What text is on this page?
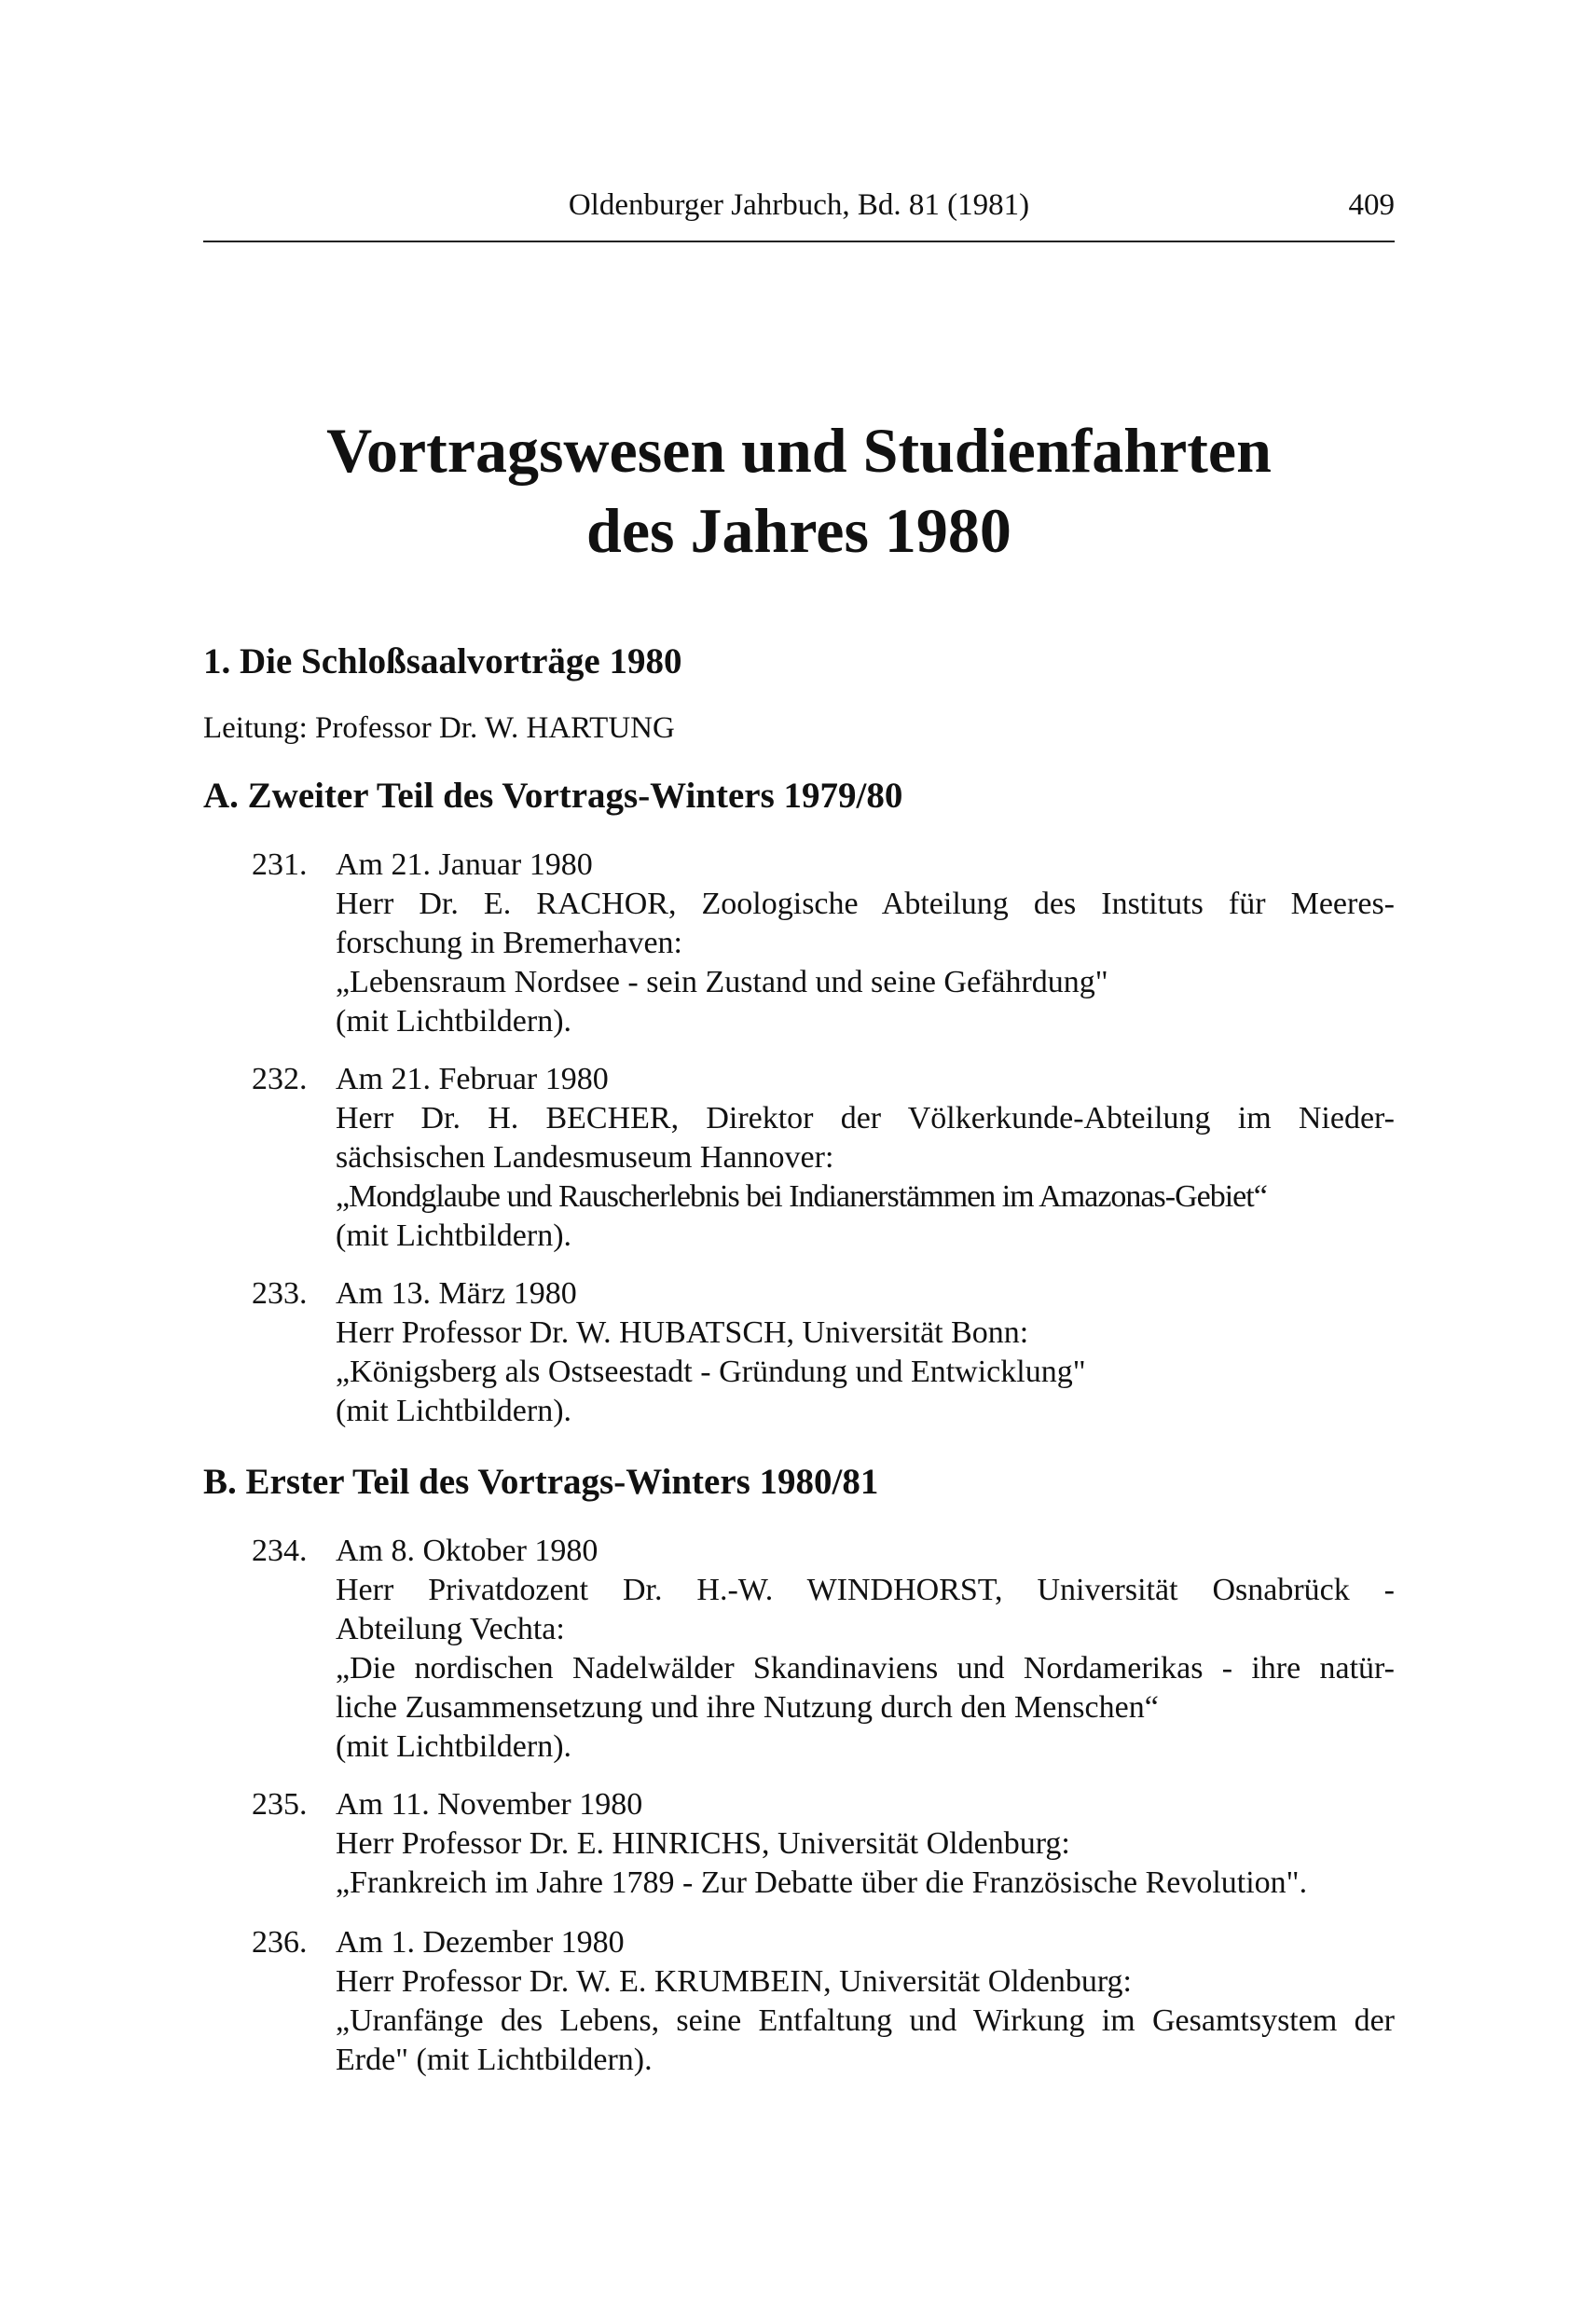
Oldenburger Jahrbuch, Bd. 81 (1981)	409
Vortragswesen und Studienfahrten
des Jahres 1980
1. Die Schloßsaalvorträge 1980
Leitung: Professor Dr. W. HARTUNG
A. Zweiter Teil des Vortrags-Winters 1979/80
231. Am 21. Januar 1980
Herr Dr. E. RACHOR, Zoologische Abteilung des Instituts für Meeres-
forschung in Bremerhaven:
„Lebensraum Nordsee - sein Zustand und seine Gefährdung"
(mit Lichtbildern).
232. Am 21. Februar 1980
Herr Dr. H. BECHER, Direktor der Völkerkunde-Abteilung im Nieder-
sächsischen Landesmuseum Hannover:
„Mondglaube und Rauscherlebnis bei Indianerstämmen im Amazonas-Gebiet“
(mit Lichtbildern).
233. Am 13. März 1980
Herr Professor Dr. W. HUBATSCH, Universität Bonn:
„Königsberg als Ostseestadt - Gründung und Entwicklung"
(mit Lichtbildern).
B. Erster Teil des Vortrags-Winters 1980/81
234. Am 8. Oktober 1980
Herr Privatdozent Dr. H.-W. WINDHORST, Universität Osnabrück -
Abteilung Vechta:
„Die nordischen Nadelwälder Skandinaviens und Nordamerikas - ihre natür-
liche Zusammensetzung und ihre Nutzung durch den Menschen“
(mit Lichtbildern).
235. Am 11. November 1980
Herr Professor Dr. E. HINRICHS, Universität Oldenburg:
„Frankreich im Jahre 1789 - Zur Debatte über die Französische Revolution".
236. Am 1. Dezember 1980
Herr Professor Dr. W. E. KRUMBEIN, Universität Oldenburg:
„Uranfänge des Lebens, seine Entfaltung und Wirkung im Gesamtsystem der
Erde" (mit Lichtbildern).
